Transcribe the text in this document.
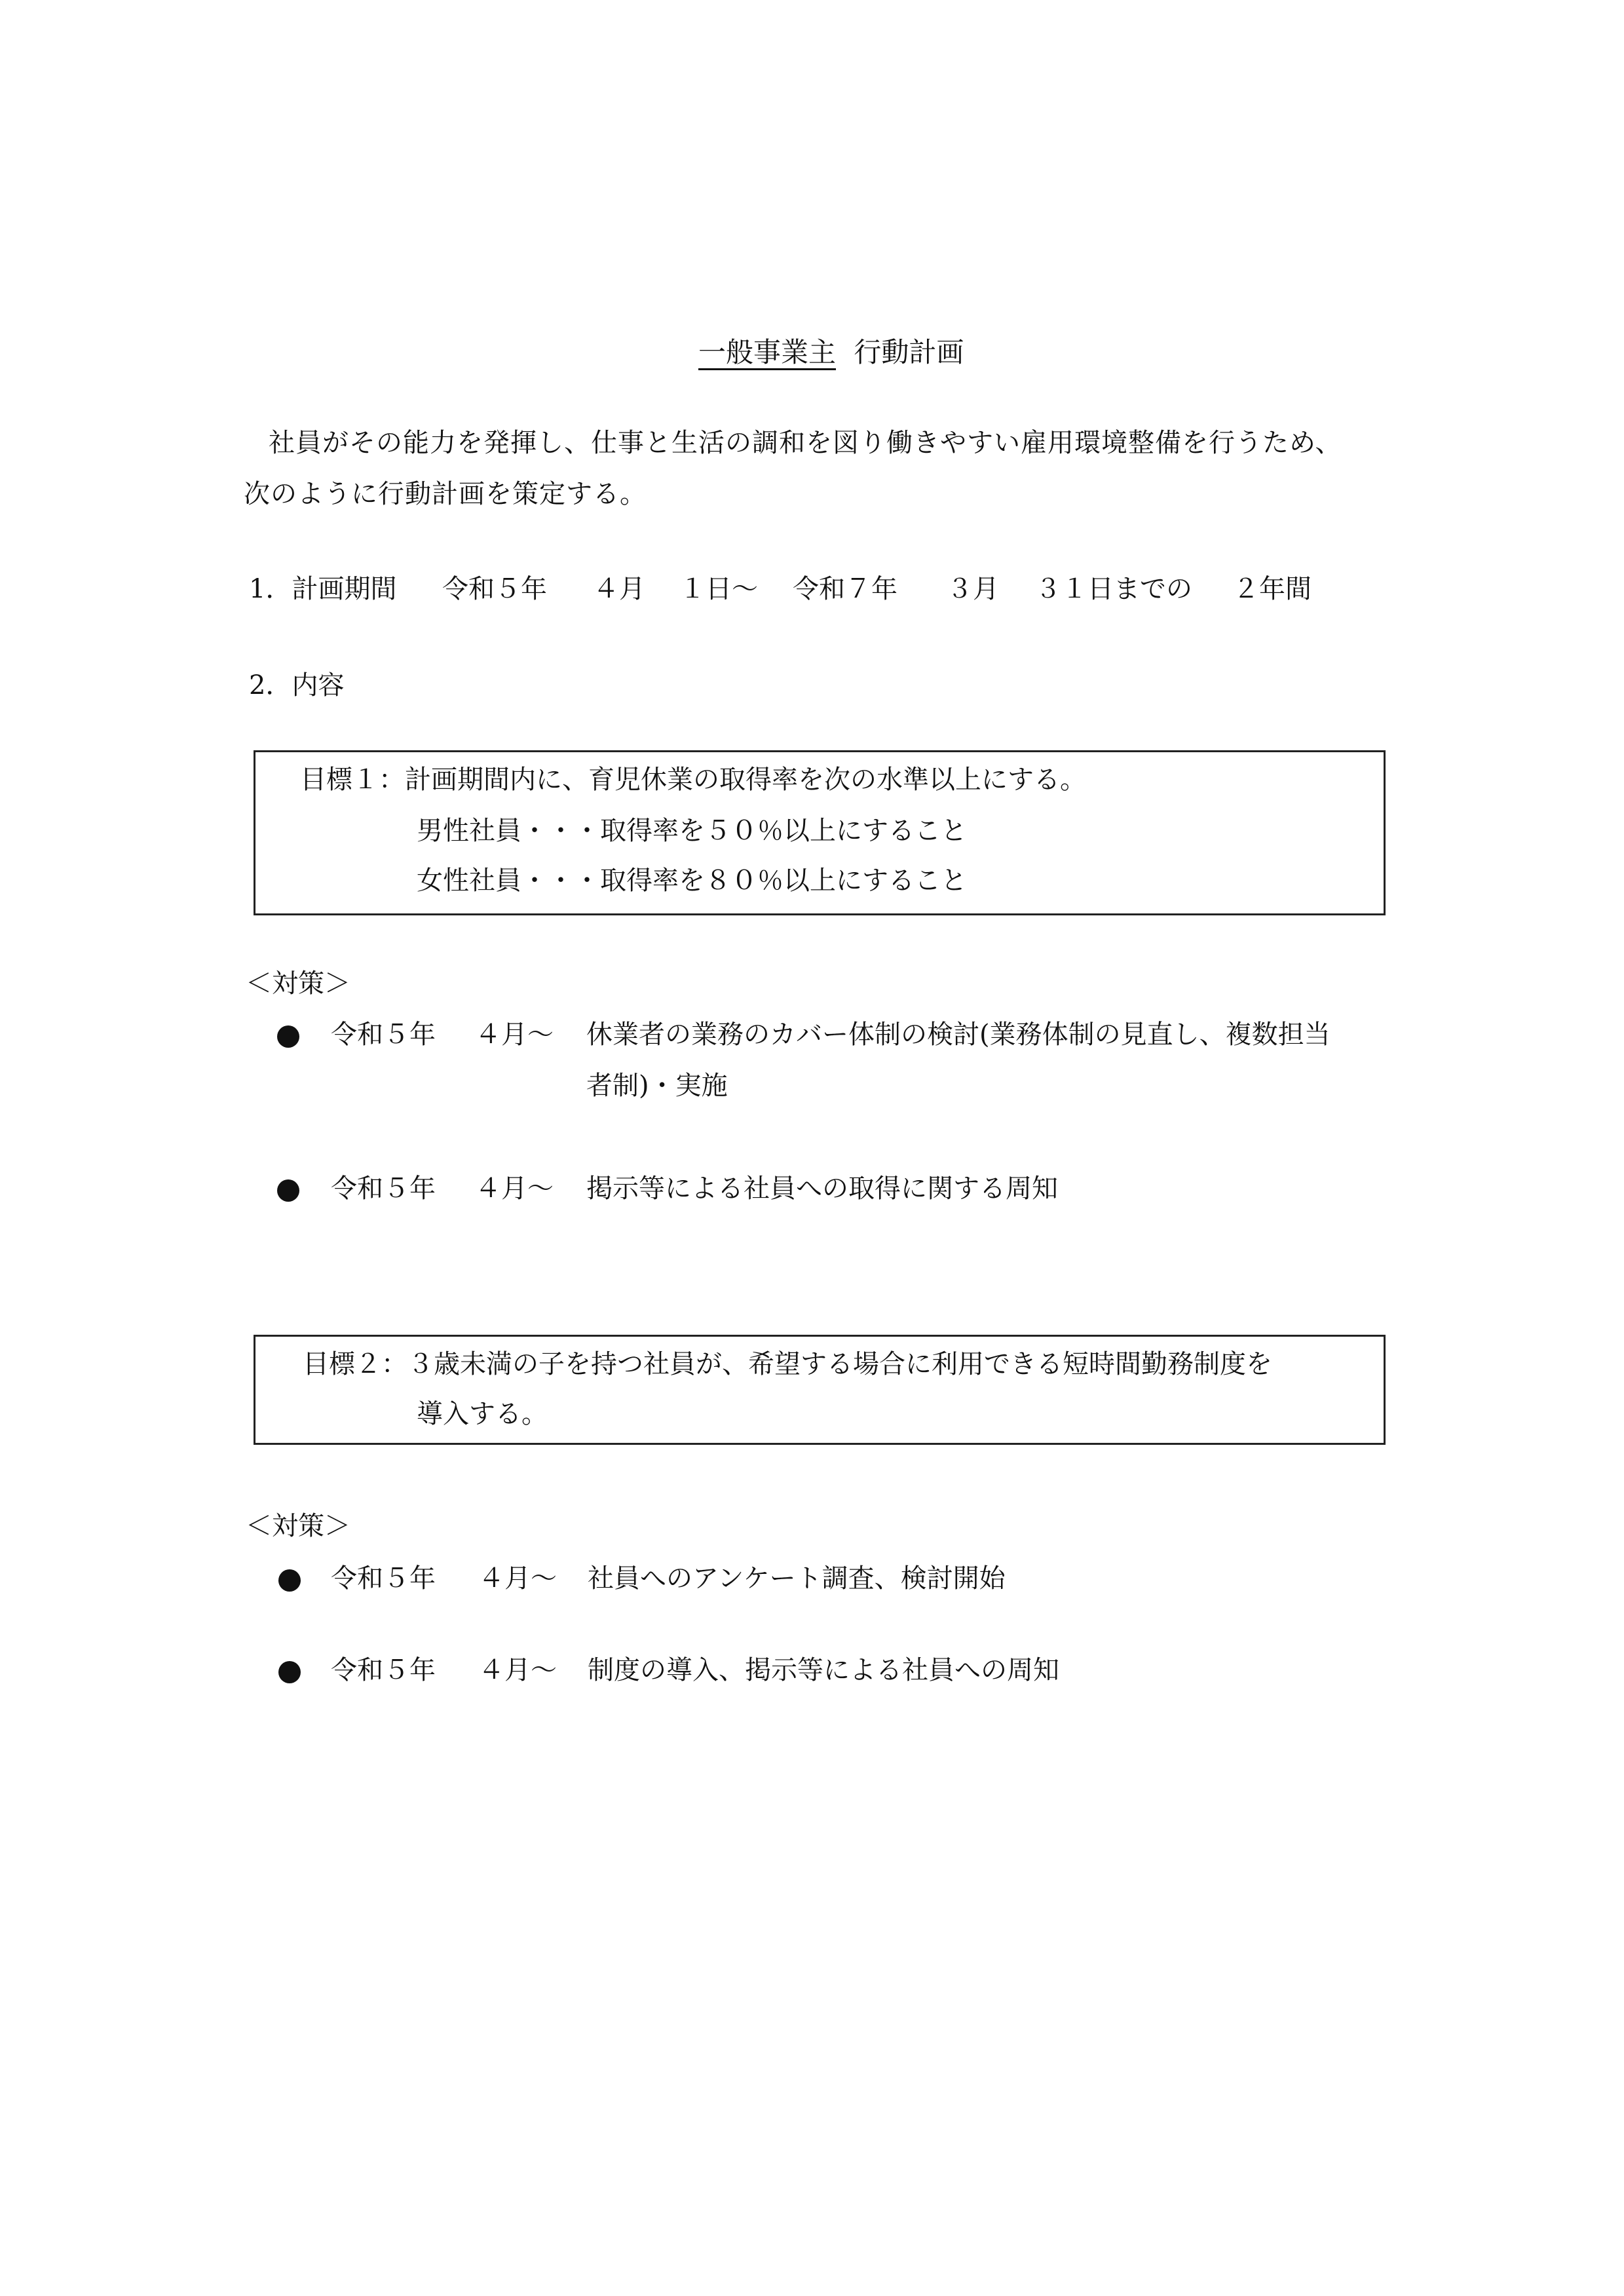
一般事業主 行動計画
社員がその能力を発揮し、仕事と生活の調和を図り働きやすい雇用環境整備を行うため、
次のように行動計画を策定する。
1．計画期間 令和５年 ４月 １日～ 令和７年 ３月 ３１日までの ２年間
2．内容
目標１：計画期間内に、育児休業の取得率を次の水準以上にする。
男性社員・・・取得率を５０％以上にすること
女性社員・・・取得率を８０％以上にすること
＜対策＞
令和５年 ４月～ 休業者の業務のカバー体制の検討(業務体制の見直し、複数担当
者制)・実施
令和５年 ４月～ 掲示等による社員への取得に関する周知
目標２：３歳未満の子を持つ社員が、希望する場合に利用できる短時間勤務制度を
導入する。
＜対策＞
令和５年 ４月～ 社員へのアンケート調査、検討開始
令和５年 ４月～ 制度の導入、掲示等による社員への周知
